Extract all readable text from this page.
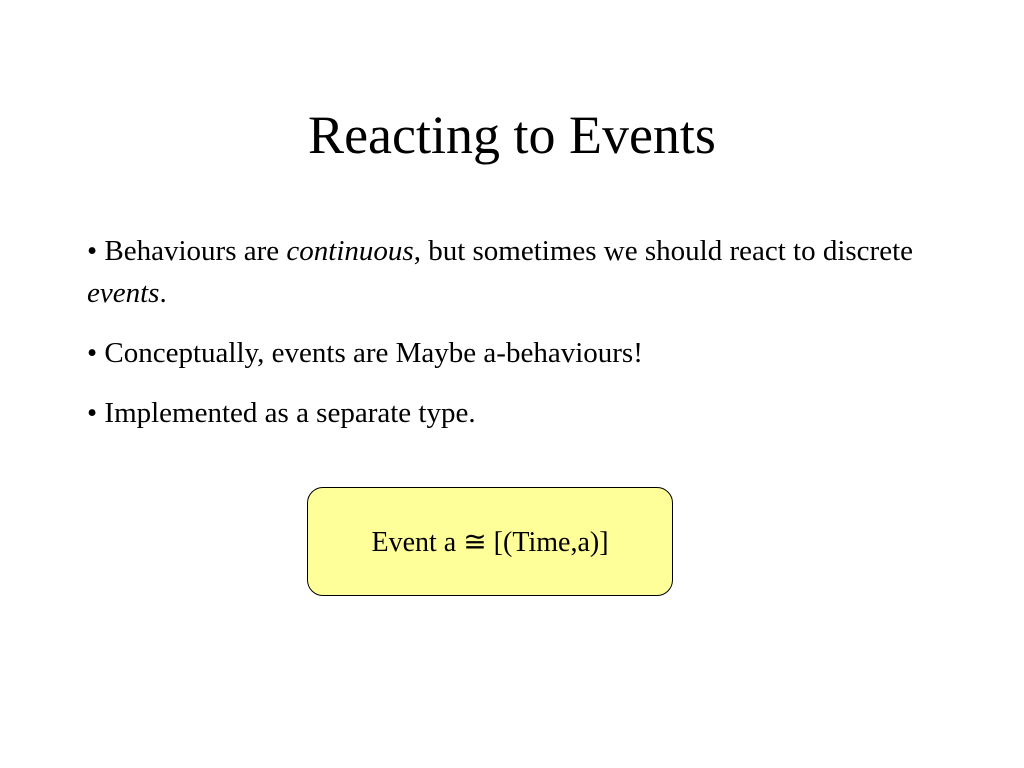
Reacting to Events
• Behaviours are continuous, but sometimes we should react to discrete events.
• Conceptually, events are Maybe a-behaviours!
• Implemented as a separate type.
Event a ≅ [(Time,a)]
